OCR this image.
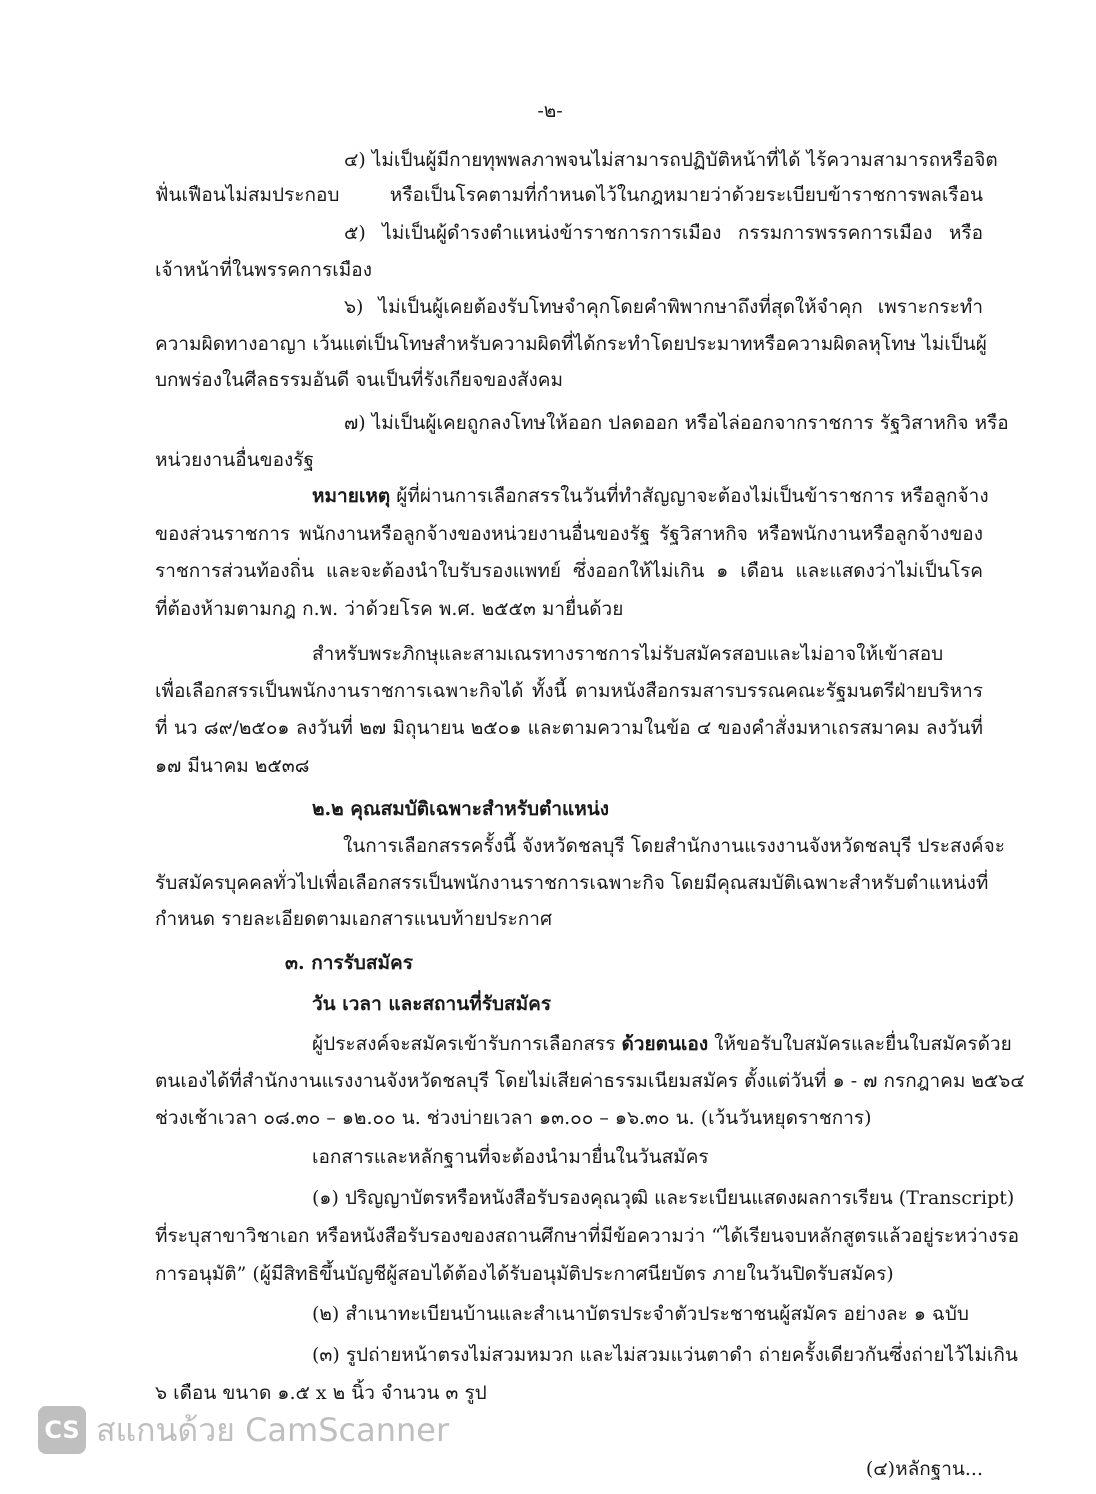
-๒-
๔) ไม่เป็นผู้มีกายทุพพลภาพจนไม่สามารถปฏิบัติหน้าที่ได้ ไร้ความสามารถหรือจิต
ฟั่นเฟือนไม่สมประกอบ หรือเป็นโรคตามที่กำหนดไว้ในกฎหมายว่าด้วยระเบียบข้าราชการพลเรือน
๕) ไม่เป็นผู้ดำรงตำแหน่งข้าราชการการเมือง กรรมการพรรคการเมือง หรือ
เจ้าหน้าที่ในพรรคการเมือง
๖) ไม่เป็นผู้เคยต้องรับโทษจำคุกโดยคำพิพากษาถึงที่สุดให้จำคุก เพราะกระทำ
ความผิดทางอาญา เว้นแต่เป็นโทษสำหรับความผิดที่ได้กระทำโดยประมาทหรือความผิดลหุโทษ ไม่เป็นผู้
บกพร่องในศีลธรรมอันดี จนเป็นที่รังเกียจของสังคม
๗) ไม่เป็นผู้เคยถูกลงโทษให้ออก ปลดออก หรือไล่ออกจากราชการ รัฐวิสาหกิจ หรือ
หน่วยงานอื่นของรัฐ
หมายเหตุ ผู้ที่ผ่านการเลือกสรรในวันที่ทำสัญญาจะต้องไม่เป็นข้าราชการ หรือลูกจ้าง
ของส่วนราชการ พนักงานหรือลูกจ้างของหน่วยงานอื่นของรัฐ รัฐวิสาหกิจ หรือพนักงานหรือลูกจ้างของ
ราชการส่วนท้องถิ่น และจะต้องนำใบรับรองแพทย์ ซึ่งออกให้ไม่เกิน ๑ เดือน และแสดงว่าไม่เป็นโรค
ที่ต้องห้ามตามกฎ ก.พ. ว่าด้วยโรค พ.ศ. ๒๕๕๓ มายื่นด้วย
สำหรับพระภิกษุและสามเณรทางราชการไม่รับสมัครสอบและไม่อาจให้เข้าสอบ
เพื่อเลือกสรรเป็นพนักงานราชการเฉพาะกิจได้ ทั้งนี้ ตามหนังสือกรมสารบรรณคณะรัฐมนตรีฝ่ายบริหาร
ที่ นว ๘๙/๒๕๐๑ ลงวันที่ ๒๗ มิถุนายน ๒๕๐๑ และตามความในข้อ ๔ ของคำสั่งมหาเถรสมาคม ลงวันที่
๑๗ มีนาคม ๒๕๓๘
๒.๒ คุณสมบัติเฉพาะสำหรับตำแหน่ง
ในการเลือกสรรครั้งนี้ จังหวัดชลบุรี โดยสำนักงานแรงงานจังหวัดชลบุรี ประสงค์จะ
รับสมัครบุคคลทั่วไปเพื่อเลือกสรรเป็นพนักงานราชการเฉพาะกิจ โดยมีคุณสมบัติเฉพาะสำหรับตำแหน่งที่
กำหนด รายละเอียดตามเอกสารแนบท้ายประกาศ
๓. การรับสมัคร
วัน เวลา และสถานที่รับสมัคร
ผู้ประสงค์จะสมัครเข้ารับการเลือกสรร ด้วยตนเอง ให้ขอรับใบสมัครและยื่นใบสมัครด้วย
ตนเองได้ที่สำนักงานแรงงานจังหวัดชลบุรี โดยไม่เสียค่าธรรมเนียมสมัคร ตั้งแต่วันที่ ๑ - ๗ กรกฎาคม ๒๕๖๔
ช่วงเช้าเวลา ๐๘.๓๐ – ๑๒.๐๐ น. ช่วงบ่ายเวลา ๑๓.๐๐ – ๑๖.๓๐ น. (เว้นวันหยุดราชการ)
เอกสารและหลักฐานที่จะต้องนำมายื่นในวันสมัคร
(๑) ปริญญาบัตรหรือหนังสือรับรองคุณวุฒิ และระเบียนแสดงผลการเรียน (Transcript)
ที่ระบุสาขาวิชาเอก หรือหนังสือรับรองของสถานศึกษาที่มีข้อความว่า “ได้เรียนจบหลักสูตรแล้วอยู่ระหว่างรอ
การอนุมัติ” (ผู้มีสิทธิขึ้นบัญชีผู้สอบได้ต้องได้รับอนุมัติประกาศนียบัตร ภายในวันปิดรับสมัคร)
(๒) สำเนาทะเบียนบ้านและสำเนาบัตรประจำตัวประชาชนผู้สมัคร อย่างละ ๑ ฉบับ
(๓) รูปถ่ายหน้าตรงไม่สวมหมวก และไม่สวมแว่นตาดำ ถ่ายครั้งเดียวกันซึ่งถ่ายไว้ไม่เกิน
๖ เดือน ขนาด ๑.๕ x ๒ นิ้ว จำนวน ๓ รูป
(๔)หลักฐาน...
CS สแกนด้วย CamScanner
